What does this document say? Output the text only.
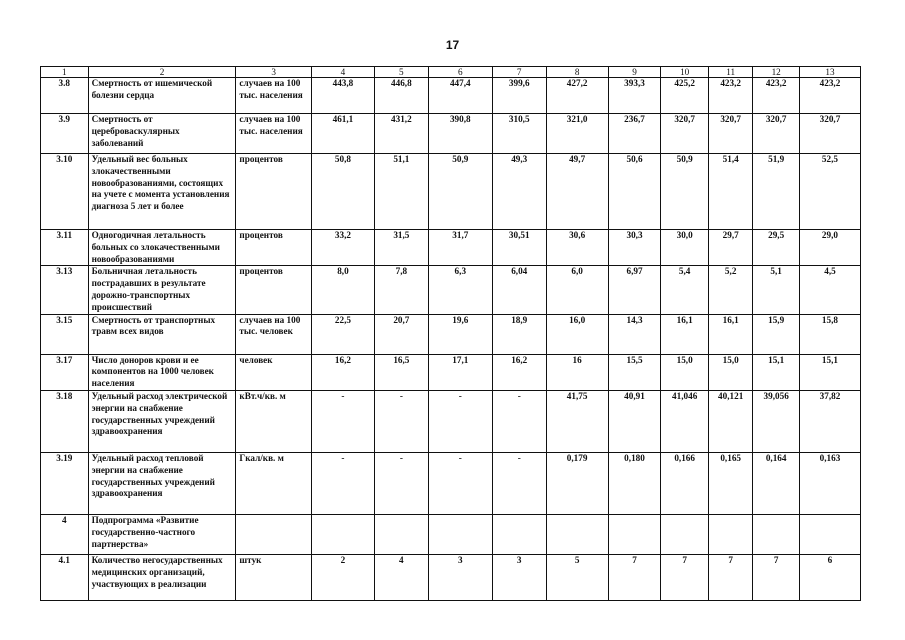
17
1	2	3	4	5	6	7	8	9	10	11	12	13
3.8	Смертность от ишемической болезни сердца	случаев на 100 тыс. населения	443,8	446,8	447,4	399,6	427,2	393,3	425,2	423,2	423,2	423,2
3.9	Смертность от цереброваскулярных заболеваний	случаев на 100 тыс. населения	461,1	431,2	390,8	310,5	321,0	236,7	320,7	320,7	320,7	320,7
3.10	Удельный вес больных злокачественными новообразованиями, состоящих на учете с момента установления диагноза 5 лет и более	процентов	50,8	51,1	50,9	49,3	49,7	50,6	50,9	51,4	51,9	52,5
3.11	Одногодичная летальность больных со злокачественными новообразованиями	процентов	33,2	31,5	31,7	30,51	30,6	30,3	30,0	29,7	29,5	29,0
3.13	Больничная летальность пострадавших в результате дорожно-транспортных происшествий	процентов	8,0	7,8	6,3	6,04	6,0	6,97	5,4	5,2	5,1	4,5
3.15	Смертность от транспортных травм всех видов	случаев на 100 тыс. человек	22,5	20,7	19,6	18,9	16,0	14,3	16,1	16,1	15,9	15,8
3.17	Число доноров крови и ее компонентов на 1000 человек населения	человек	16,2	16,5	17,1	16,2	16	15,5	15,0	15,0	15,1	15,1
3.18	Удельный расход электрической энергии на снабжение государственных учреждений здравоохранения	кВт.ч/кв. м	-	-	-	-	41,75	40,91	41,046	40,121	39,056	37,82
3.19	Удельный расход тепловой энергии на снабжение государственных учреждений здравоохранения	Гкал/кв. м	-	-	-	-	0,179	0,180	0,166	0,165	0,164	0,163
4	Подпрограмма «Развитие государственно-частного партнерства»											
4.1	Количество негосударственных медицинских организаций, участвующих в реализации	штук	2	4	3	3	5	7	7	7	7	6
